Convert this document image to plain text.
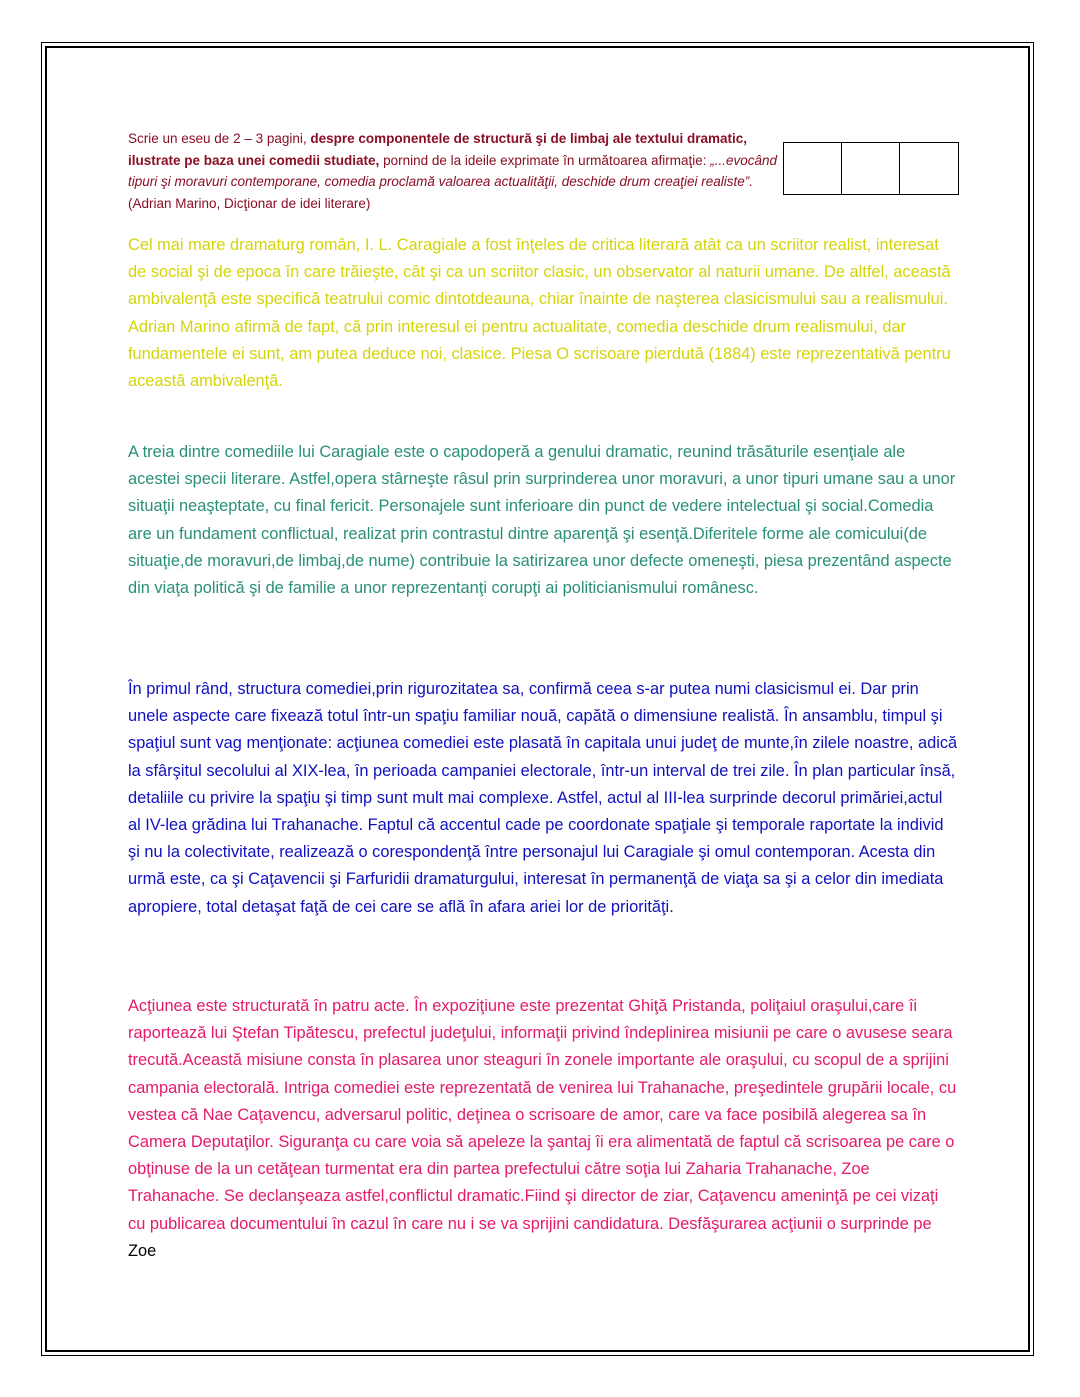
Scrie un eseu de 2 – 3 pagini, despre componentele de structură şi de limbaj ale textului dramatic, ilustrate pe baza unei comedii studiate, pornind de la ideile exprimate în următoarea afirmaţie: „...evocând tipuri şi moravuri contemporane, comedia proclamă valoarea actualităţii, deschide drum creaţiei realiste”. (Adrian Marino, Dicţionar de idei literare)

Cel mai mare dramaturg român, I. L. Caragiale a fost înţeles de critica literară atât ca un scriitor realist, interesat de social şi de epoca în care trăieşte, cât şi ca un scriitor clasic, un observator al naturii umane. De altfel, această ambivalenţă este specifică teatrului comic dintotdeauna, chiar înainte de naşterea clasicismului sau a realismului. Adrian Marino afirmă de fapt, că prin interesul ei pentru actualitate, comedia deschide drum realismului, dar fundamentele ei sunt, am putea deduce noi, clasice. Piesa O scrisoare pierdută (1884) este reprezentativă pentru această ambivalenţă.

A treia dintre comediile lui Caragiale este o capodoperă a genului dramatic, reunind trăsăturile esenţiale ale acestei specii literare. Astfel,opera stârneşte râsul prin surprinderea unor moravuri, a unor tipuri umane sau a unor situaţii neaşteptate, cu final fericit. Personajele sunt inferioare din punct de vedere intelectual şi social.Comedia are un fundament conflictual, realizat prin contrastul dintre aparenţă şi esenţă.Diferitele forme ale comicului(de situaţie,de moravuri,de limbaj,de nume) contribuie la satirizarea unor defecte omeneşti, piesa prezentând aspecte din viaţa politică şi de familie a unor reprezentanţi corupţi ai politicianismului românesc.

În primul rând, structura comediei,prin rigurozitatea sa, confirmă ceea s-ar putea numi clasicismul ei. Dar prin unele aspecte care fixează totul într-un spaţiu familiar nouă, capătă o dimensiune realistă. În ansamblu, timpul şi spaţiul sunt vag menţionate: acţiunea comediei este plasată în capitala unui judeţ de munte,în zilele noastre, adică la sfârşitul secolului al XIX-lea, în perioada campaniei electorale, într-un interval de trei zile. În plan particular însă, detaliile cu privire la spaţiu şi timp sunt mult mai complexe. Astfel, actul al III-lea surprinde decorul primăriei,actul al IV-lea grădina lui Trahanache. Faptul că accentul cade pe coordonate spaţiale şi temporale raportate la individ şi nu la colectivitate, realizează o corespondenţă între personajul lui Caragiale şi omul contemporan. Acesta din urmă este, ca şi Caţavencii şi Farfuridii dramaturgului, interesat în permanenţă de viaţa sa şi a celor din imediata apropiere, total detaşat faţă de cei care se află în afara ariei lor de priorităţi.

Acţiunea este structurată în patru acte. În expoziţiune este prezentat Ghiţă Pristanda, poliţaiul oraşului,care îi raportează lui Ştefan Tipătescu, prefectul judeţului, informaţii privind îndeplinirea misiunii pe care o avusese seara trecută.Această misiune consta în plasarea unor steaguri în zonele importante ale oraşului, cu scopul de a sprijini campania electorală. Intriga comediei este reprezentată de venirea lui Trahanache, preşedintele grupării locale, cu vestea că Nae Caţavencu, adversarul politic, deţinea o scrisoare de amor, care va face posibilă alegerea sa în Camera Deputaţilor. Siguranţa cu care voia să apeleze la şantaj îi era alimentată de faptul că scrisoarea pe care o obţinuse de la un cetăţean turmentat era din partea prefectului către soţia lui Zaharia Trahanache, Zoe Trahanache. Se declanşeaza astfel,conflictul dramatic.Fiind şi director de ziar, Caţavencu ameninţă pe cei vizaţi cu publicarea documentului în cazul în care nu i se va sprijini candidatura. Desfăşurarea acţiunii o surprinde pe Zoe
